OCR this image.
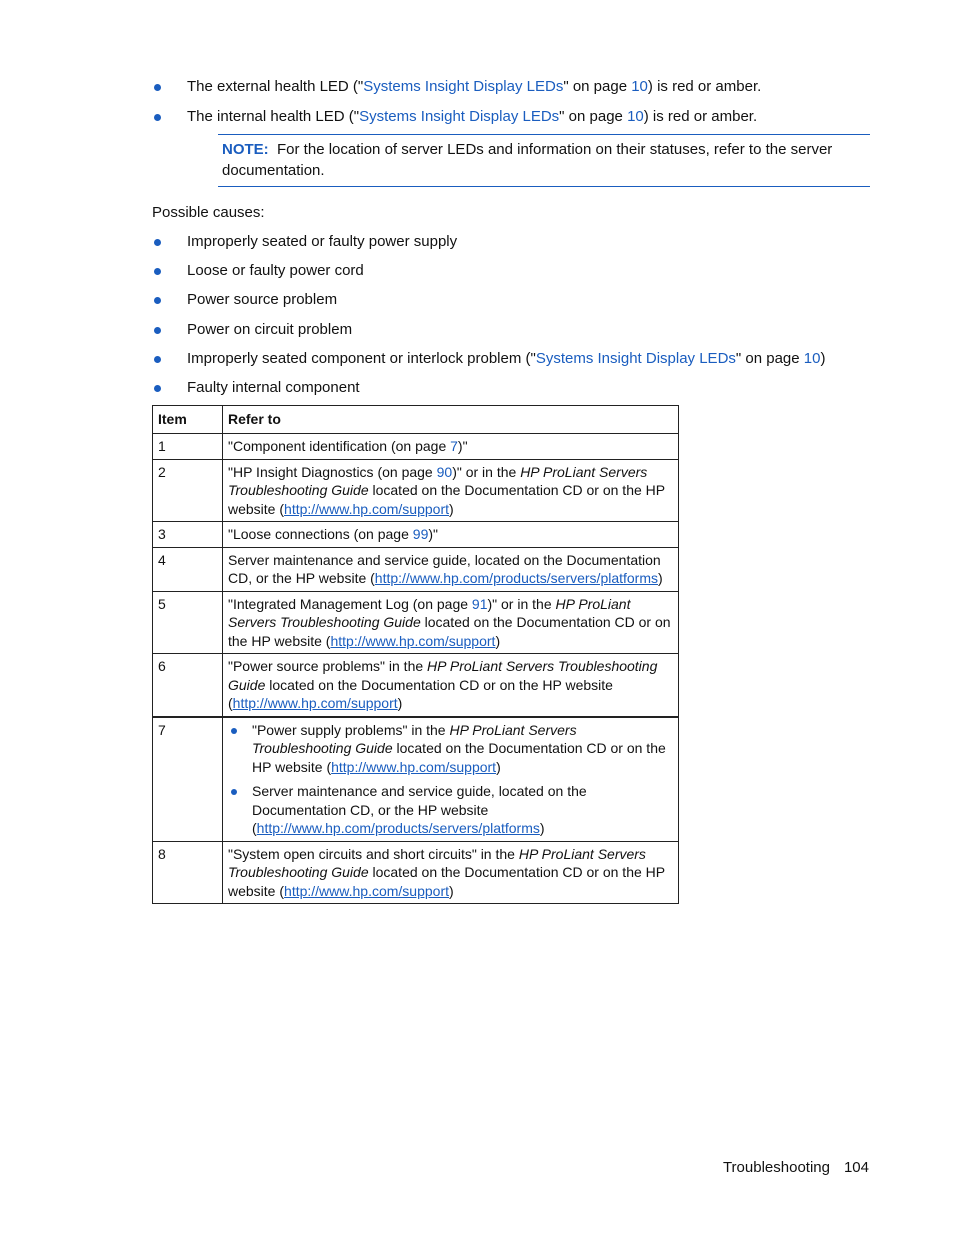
The external health LED ("Systems Insight Display LEDs" on page 10) is red or amber.
The internal health LED ("Systems Insight Display LEDs" on page 10) is red or amber.
NOTE: For the location of server LEDs and information on their statuses, refer to the server documentation.
Possible causes:
Improperly seated or faulty power supply
Loose or faulty power cord
Power source problem
Power on circuit problem
Improperly seated component or interlock problem ("Systems Insight Display LEDs" on page 10)
Faulty internal component
Item	Refer to
1	"Component identification (on page 7)"
2	"HP Insight Diagnostics (on page 90)" or in the HP ProLiant Servers Troubleshooting Guide located on the Documentation CD or on the HP website (http://www.hp.com/support)
3	"Loose connections (on page 99)"
4	Server maintenance and service guide, located on the Documentation CD, or the HP website (http://www.hp.com/products/servers/platforms)
5	"Integrated Management Log (on page 91)" or in the HP ProLiant Servers Troubleshooting Guide located on the Documentation CD or on the HP website (http://www.hp.com/support)
6	"Power source problems" in the HP ProLiant Servers Troubleshooting Guide located on the Documentation CD or on the HP website (http://www.hp.com/support)
7	"Power supply problems" in the HP ProLiant Servers Troubleshooting Guide located on the Documentation CD or on the HP website (http://www.hp.com/support)
Server maintenance and service guide, located on the Documentation CD, or the HP website (http://www.hp.com/products/servers/platforms)

8	"System open circuits and short circuits" in the HP ProLiant Servers Troubleshooting Guide located on the Documentation CD or on the HP website (http://www.hp.com/support)
Troubleshooting 104
